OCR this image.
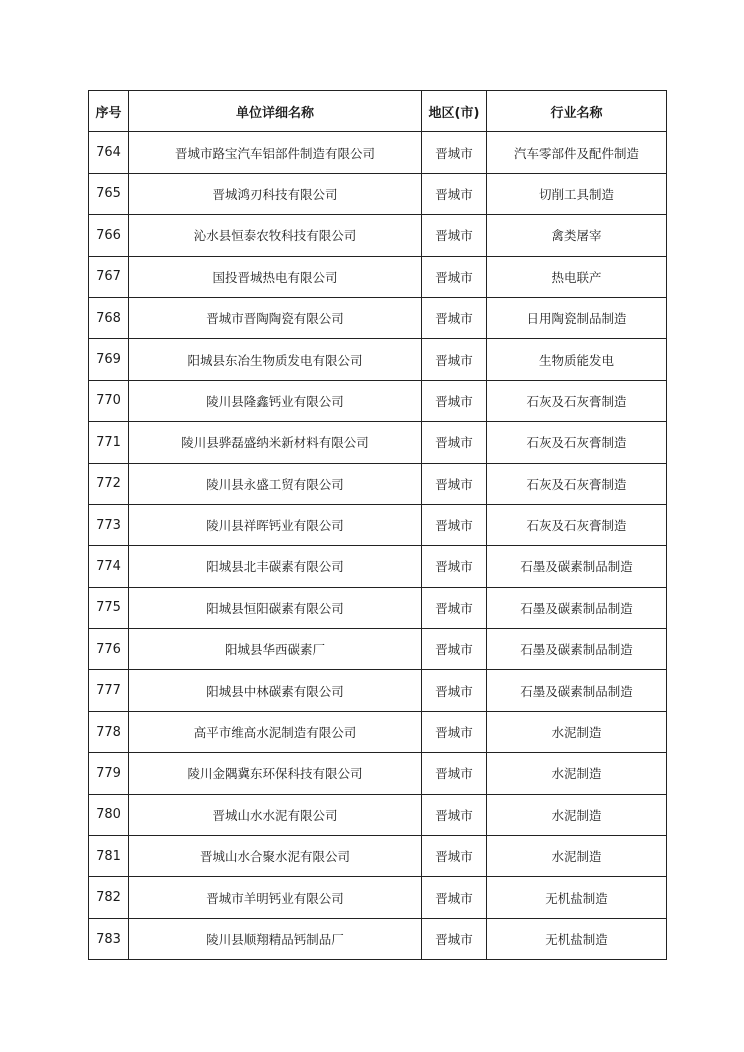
序号	单位详细名称	地区(市)	行业名称
764	晋城市路宝汽车铝部件制造有限公司	晋城市	汽车零部件及配件制造
765	晋城鸿刃科技有限公司	晋城市	切削工具制造
766	沁水县恒泰农牧科技有限公司	晋城市	禽类屠宰
767	国投晋城热电有限公司	晋城市	热电联产
768	晋城市晋陶陶瓷有限公司	晋城市	日用陶瓷制品制造
769	阳城县东冶生物质发电有限公司	晋城市	生物质能发电
770	陵川县隆鑫钙业有限公司	晋城市	石灰及石灰膏制造
771	陵川县骅磊盛纳米新材料有限公司	晋城市	石灰及石灰膏制造
772	陵川县永盛工贸有限公司	晋城市	石灰及石灰膏制造
773	陵川县祥晖钙业有限公司	晋城市	石灰及石灰膏制造
774	阳城县北丰碳素有限公司	晋城市	石墨及碳素制品制造
775	阳城县恒阳碳素有限公司	晋城市	石墨及碳素制品制造
776	阳城县华西碳素厂	晋城市	石墨及碳素制品制造
777	阳城县中林碳素有限公司	晋城市	石墨及碳素制品制造
778	高平市维高水泥制造有限公司	晋城市	水泥制造
779	陵川金隅冀东环保科技有限公司	晋城市	水泥制造
780	晋城山水水泥有限公司	晋城市	水泥制造
781	晋城山水合聚水泥有限公司	晋城市	水泥制造
782	晋城市羊明钙业有限公司	晋城市	无机盐制造
783	陵川县顺翔精品钙制品厂	晋城市	无机盐制造
